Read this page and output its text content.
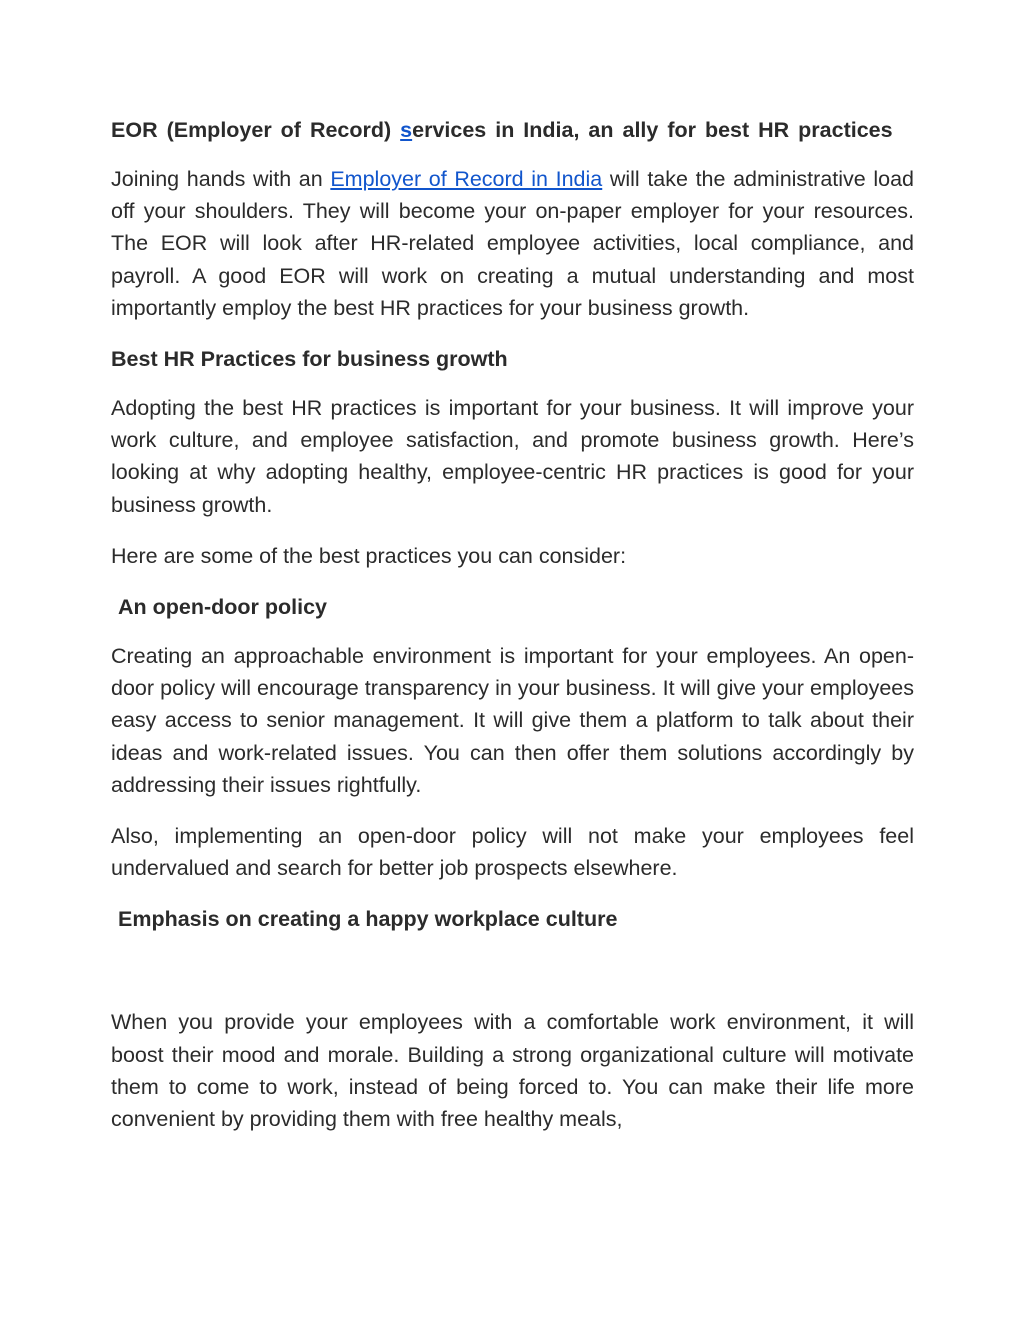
EOR (Employer of Record) services in India, an ally for best HR practices

Joining hands with an Employer of Record in India will take the administrative load off your shoulders. They will become your on-paper employer for your resources. The EOR will look after HR-related employee activities, local compliance, and payroll. A good EOR will work on creating a mutual understanding and most importantly employ the best HR practices for your business growth.

Best HR Practices for business growth

Adopting the best HR practices is important for your business. It will improve your work culture, and employee satisfaction, and promote business growth. Here’s looking at why adopting healthy, employee-centric HR practices is good for your business growth.

Here are some of the best practices you can consider:

An open-door policy

Creating an approachable environment is important for your employees. An open-door policy will encourage transparency in your business. It will give your employees easy access to senior management. It will give them a platform to talk about their ideas and work-related issues. You can then offer them solutions accordingly by addressing their issues rightfully.

Also, implementing an open-door policy will not make your employees feel undervalued and search for better job prospects elsewhere.

Emphasis on creating a happy workplace culture

When you provide your employees with a comfortable work environment, it will boost their mood and morale. Building a strong organizational culture will motivate them to come to work, instead of being forced to. You can make their life more convenient by providing them with free healthy meals,
